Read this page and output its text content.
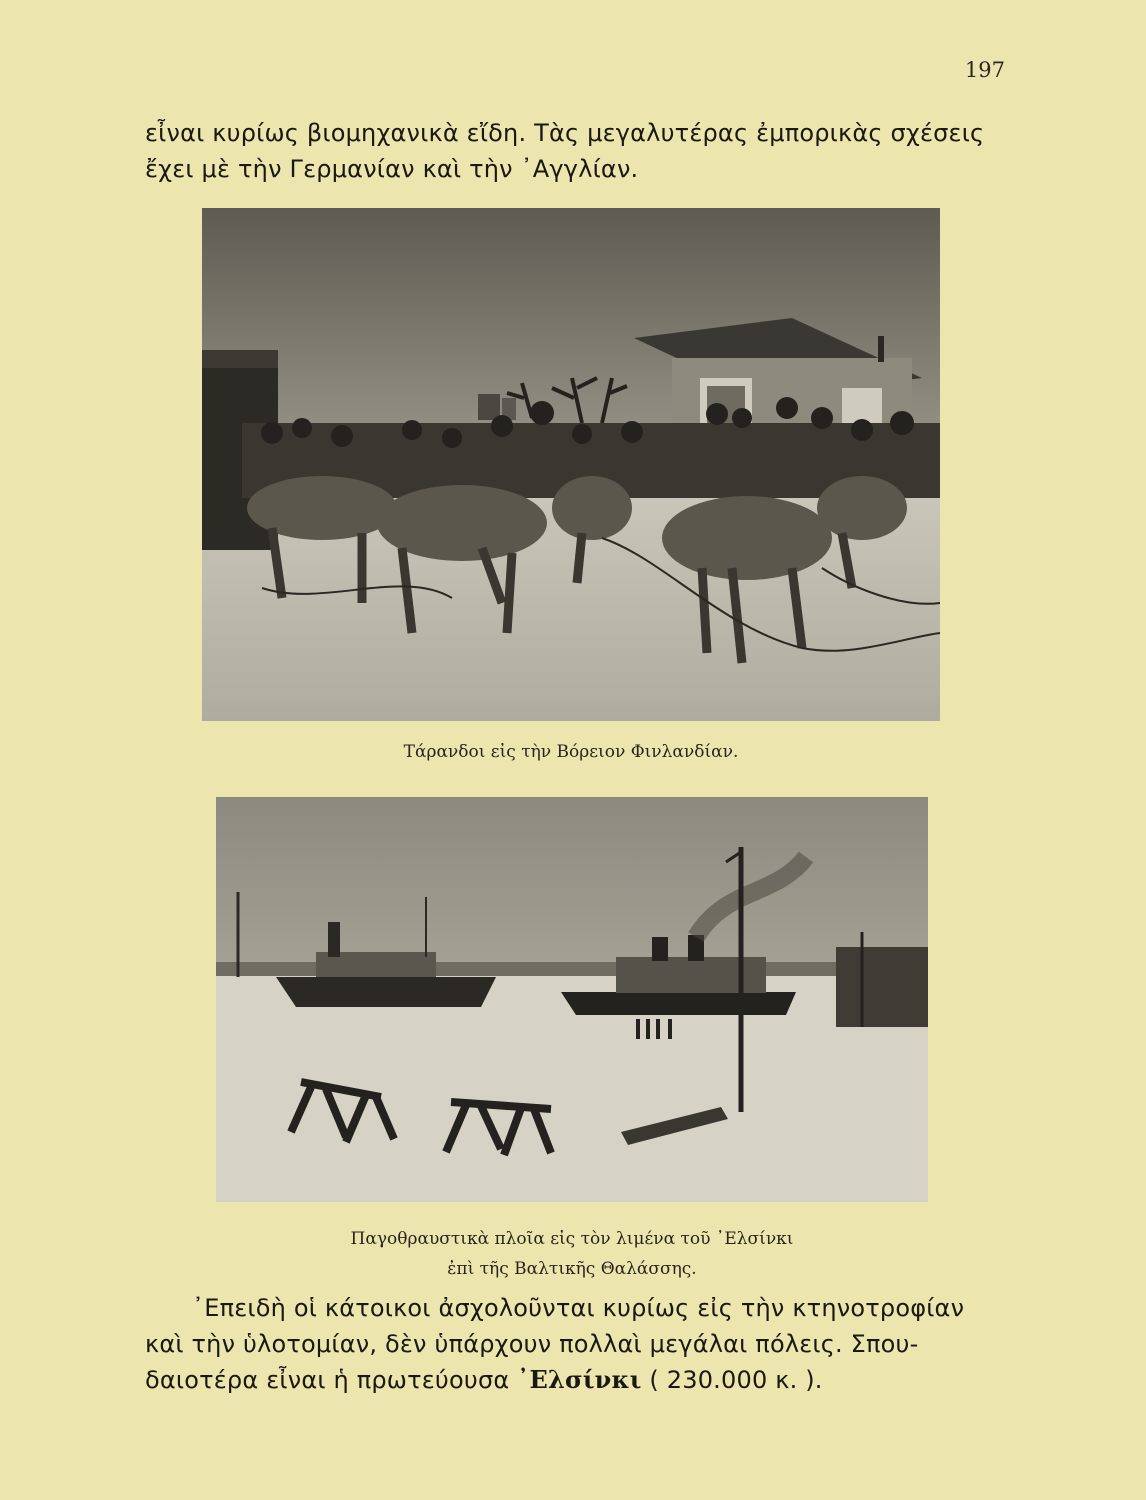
197
εἶναι κυρίως βιομηχανικὰ εἴδη. Τὰς μεγαλυτέρας ἐμπορικὰς σχέσεις
ἔχει μὲ τὴν Γερμανίαν καὶ τὴν ᾿Αγγλίαν.
Τάρανδοι εἰς τὴν Βόρειον Φινλανδίαν.
Παγοθραυστικὰ πλοῖα εἰς τὸν λιμένα τοῦ ᾿Ελσίνκι
ἐπὶ τῆς Βαλτικῆς Θαλάσσης.
᾿Επειδὴ οἱ κάτοικοι ἀσχολοῦνται κυρίως εἰς τὴν κτηνοτροφίαν
καὶ τὴν ὑλοτομίαν, δὲν ὑπάρχουν πολλαὶ μεγάλαι πόλεις. Σπου-
δαιοτέρα εἶναι ἡ πρωτεύουσα ᾿Ελσίνκι ( 230.000 κ. ).
